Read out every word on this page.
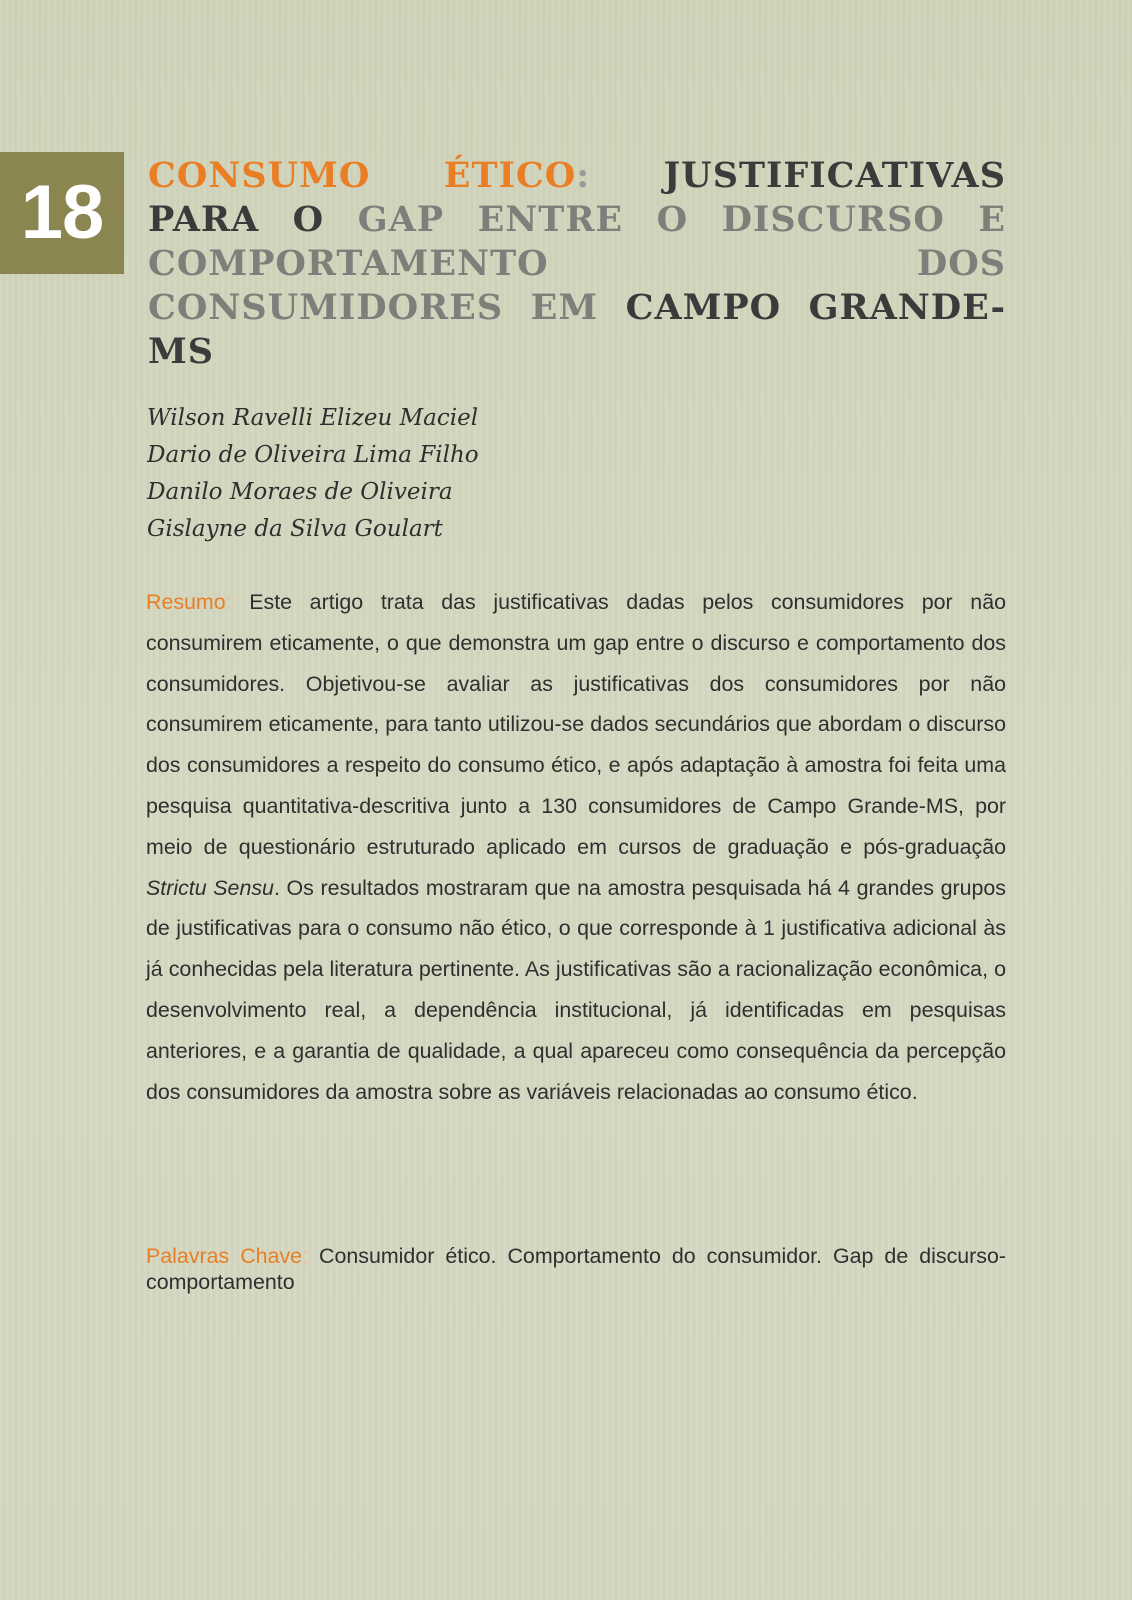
18	CONSUMO ÉTICO: JUSTIFICATIVAS PARA O GAP ENTRE O DISCURSO E COMPORTAMENTO DOS CONSUMIDORES EM CAMPO GRANDE-MS
Wilson Ravelli Elizeu Maciel
Dario de Oliveira Lima Filho
Danilo Moraes de Oliveira
Gislayne da Silva Goulart

Resumo: Este artigo trata das justificativas dadas pelos consumidores por não consumirem eticamente, o que demonstra um gap entre o discurso e comportamento dos consumidores. Objetivou-se avaliar as justificativas dos consumidores por não consumirem eticamente, para tanto utilizou-se dados secundários que abordam o discurso dos consumidores a respeito do consumo ético, e após adaptação à amostra foi feita uma pesquisa quantitativa-descritiva junto a 130 consumidores de Campo Grande-MS, por meio de questionário estruturado aplicado em cursos de graduação e pós-graduação Strictu Sensu. Os resultados mostraram que na amostra pesquisada há 4 grandes grupos de justificativas para o consumo não ético, o que corresponde à 1 justificativa adicional às já conhecidas pela literatura pertinente. As justificativas são a racionalização econômica, o desenvolvimento real, a dependência institucional, já identificadas em pesquisas anteriores, e a garantia de qualidade, a qual apareceu como consequência da percepção dos consumidores da amostra sobre as variáveis relacionadas ao consumo ético.

Palavras Chave: Consumidor ético. Comportamento do consumidor. Gap de discurso-comportamento
